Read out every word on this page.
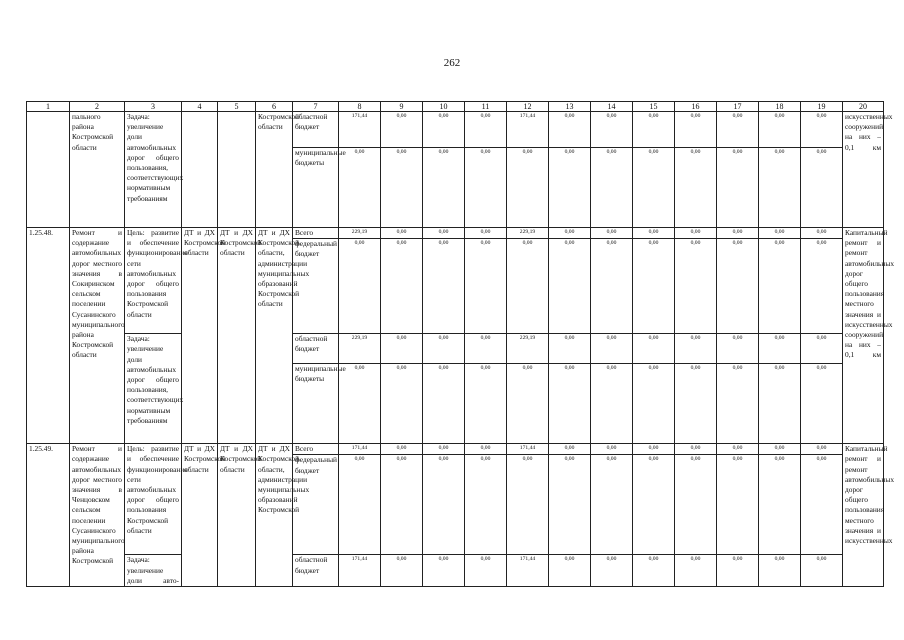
262
1	2	3	4	5	6	7	8	9	10	11	12	13	14	15	16	17	18	19	20
	пального района Костромской области	Задача: увеличение доли автомобильных дорог общего пользования, соответствующих нормативным требованиям			Костромской области	областной бюджет	171,44	0,00	0,00	0,00	171,44	0,00	0,00	0,00	0,00	0,00	0,00	0,00	искусственных сооружений на них – 0,1 км
						муниципальные бюджеты	0,00	0,00	0,00	0,00	0,00	0,00	0,00	0,00	0,00	0,00	0,00	0,00	
1.25.48.	Ремонт и содержание автомобильных дорог местного значения в Сокиринском сельском поселении Сусанинского муниципального района Костромской области	Цель: развитие и обеспечение функционирования сети автомобильных дорог общего пользования Костромской области	ДТ и ДХ Костромской области	ДТ и ДХ Костромской области	ДТ и ДХ Костромской области, администрации муниципальных образований Костромской области	Всего	229,19	0,00	0,00	0,00	229,19	0,00	0,00	0,00	0,00	0,00	0,00	0,00	Капитальный ремонт и ремонт автомобильных дорог общего пользования местного значения и искусственных сооружений на них – 0,1 км
						федеральный бюджет	0,00	0,00	0,00	0,00	0,00	0,00	0,00	0,00	0,00	0,00	0,00	0,00	
		Задача: увеличение доли автомобильных дорог общего пользования, соответствующих нормативным требованиям				областной бюджет	229,19	0,00	0,00	0,00	229,19	0,00	0,00	0,00	0,00	0,00	0,00	0,00	
						муниципальные бюджеты	0,00	0,00	0,00	0,00	0,00	0,00	0,00	0,00	0,00	0,00	0,00	0,00	
1.25.49.	Ремонт и содержание автомобильных дорог местного значения в Ченцовском сельском поселении Сусанинского муниципального района Костромской	Цель: развитие и обеспечение функционирования сети автомобильных дорог общего пользования Костромской области	ДТ и ДХ Костромской области	ДТ и ДХ Костромской области	ДТ и ДХ Костромской области, администрации муниципальных образований Костромской	Всего	171,44	0,00	0,00	0,00	171,44	0,00	0,00	0,00	0,00	0,00	0,00	0,00	Капитальный ремонт и ремонт автомобильных дорог общего пользования местного значения и искусственных
						федеральный бюджет	0,00	0,00	0,00	0,00	0,00	0,00	0,00	0,00	0,00	0,00	0,00	0,00	
		Задача: увеличение доли авто-				областной бюджет	171,44	0,00	0,00	0,00	171,44	0,00	0,00	0,00	0,00	0,00	0,00	0,00	
